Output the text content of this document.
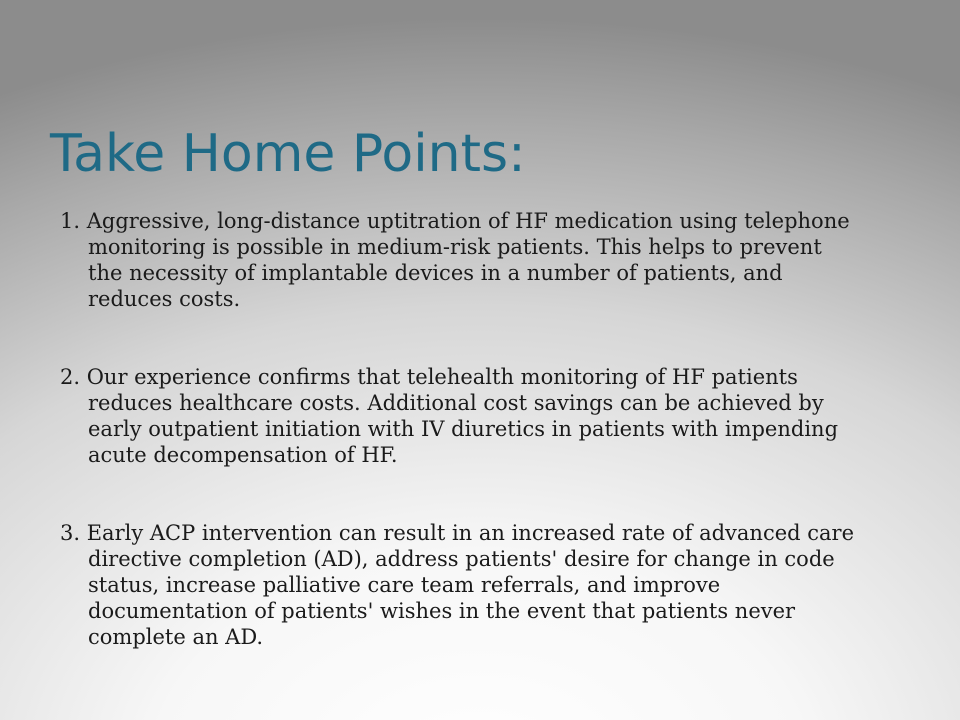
Take Home Points:
1. Aggressive, long-distance uptitration of HF medication using telephone monitoring is possible in medium-risk patients. This helps to prevent the necessity of implantable devices in a number of patients, and reduces costs.
2. Our experience confirms that telehealth monitoring of HF patients reduces healthcare costs. Additional cost savings can be achieved by early outpatient initiation with IV diuretics in patients with impending acute decompensation of HF.
3. Early ACP intervention can result in an increased rate of advanced care directive completion (AD), address patients' desire for change in code status, increase palliative care team referrals, and improve documentation of patients' wishes in the event that patients never complete an AD.
